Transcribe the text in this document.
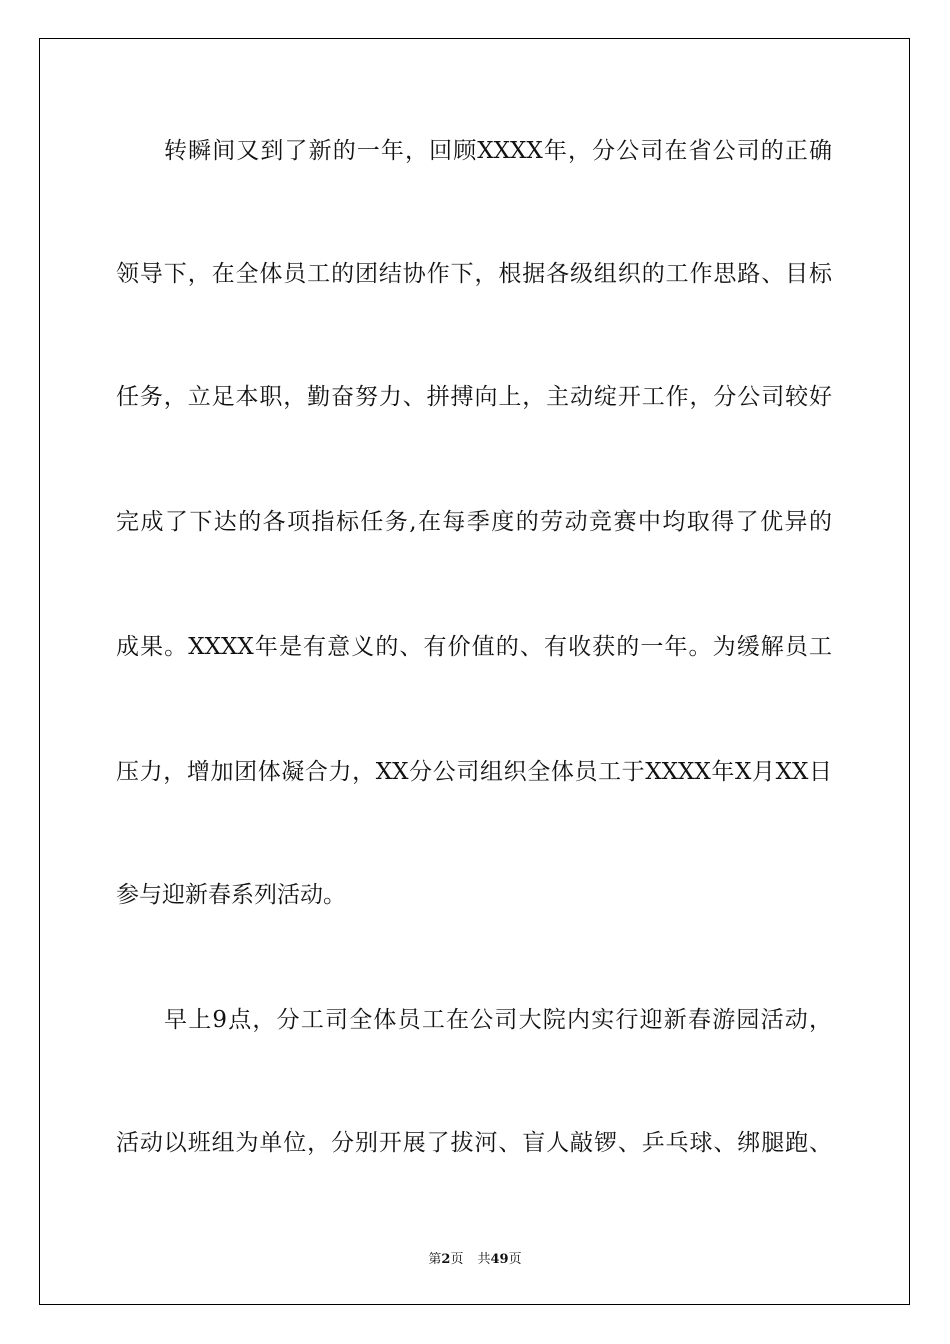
转瞬间又到了新的一年，回顾XXXX年，分公司在省公司的正确
领导下，在全体员工的团结协作下，根据各级组织的工作思路、目标
任务，立足本职，勤奋努力、拼搏向上，主动绽开工作，分公司较好
完成了下达的各项指标任务,在每季度的劳动竞赛中均取得了优异的
成果。XXXX年是有意义的、有价值的、有收获的一年。为缓解员工
压力，增加团体凝合力，XX分公司组织全体员工于XXXX年X月XX日
参与迎新春系列活动。
早上9点，分工司全体员工在公司大院内实行迎新春游园活动，
活动以班组为单位，分别开展了拔河、盲人敲锣、乒乓球、绑腿跑、
第2页 共49页
